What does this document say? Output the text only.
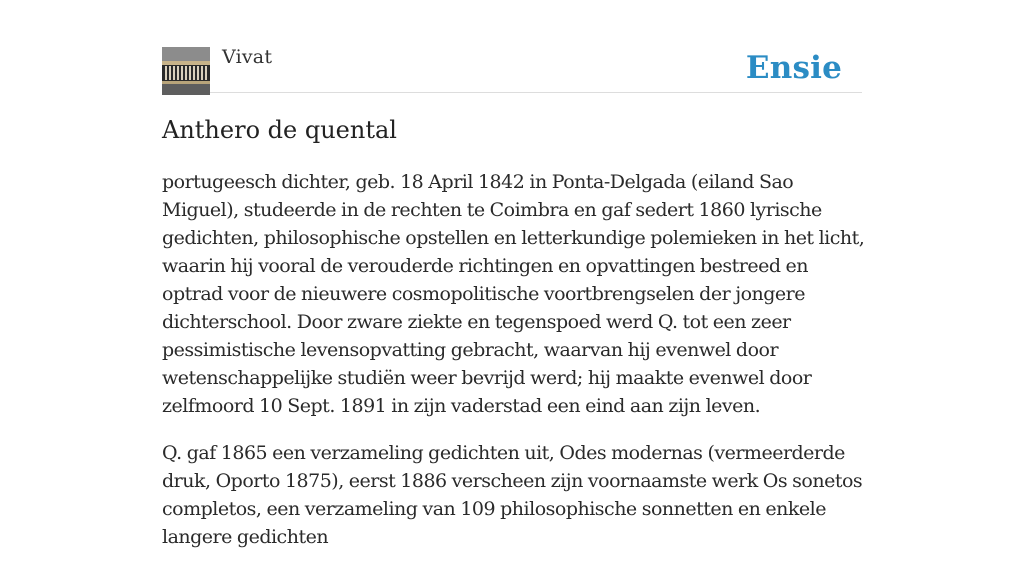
Vivat	Ensie
Anthero de quental

portugeesch dichter, geb. 18 April 1842 in Ponta-Delgada (eiland Sao Miguel), studeerde in de rechten te Coimbra en gaf sedert 1860 lyrische gedichten, philosophische opstellen en letterkundige polemieken in het licht, waarin hij vooral de verouderde richtingen en opvattingen bestreed en optrad voor de nieuwere cosmopolitische voortbrengselen der jongere dichterschool. Door zware ziekte en tegenspoed werd Q. tot een zeer pessimistische levensopvatting gebracht, waarvan hij evenwel door wetenschappelijke studiën weer bevrijd werd; hij maakte evenwel door zelfmoord 10 Sept. 1891 in zijn vaderstad een eind aan zijn leven.

Q. gaf 1865 een verzameling gedichten uit, Odes modernas (vermeerderde druk, Oporto 1875), eerst 1886 verscheen zijn voornaamste werk Os sonetos completos, een verzameling van 109 philosophische sonnetten en enkele langere gedichten
